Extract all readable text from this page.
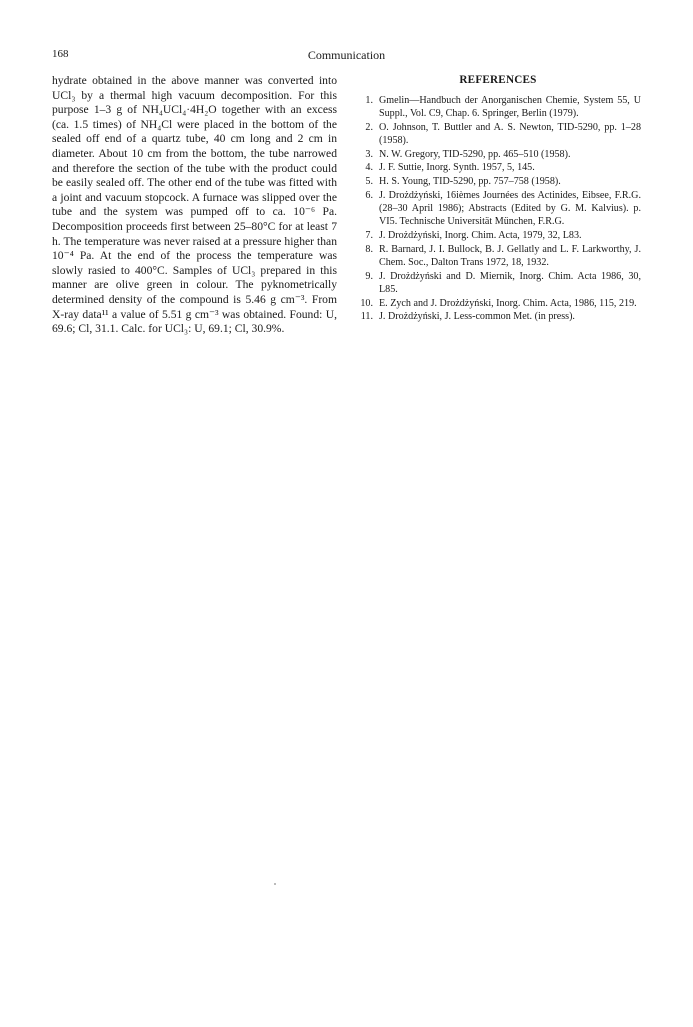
168	Communication

hydrate obtained in the above manner was converted into UCl₃ by a thermal high vacuum decomposition. For this purpose 1–3 g of NH₄UCl₄·4H₂O together with an excess (ca. 1.5 times) of NH₄Cl were placed in the bottom of the sealed off end of a quartz tube, 40 cm long and 2 cm in diameter. About 10 cm from the bottom, the tube narrowed and therefore the section of the tube with the product could be easily sealed off. The other end of the tube was fitted with a joint and vacuum stopcock. A furnace was slipped over the tube and the system was pumped off to ca. 10⁻⁶ Pa. Decomposition proceeds first between 25–80°C for at least 7 h. The temperature was never raised at a pressure higher than 10⁻⁴ Pa. At the end of the process the temperature was slowly rasied to 400°C. Samples of UCl₃ prepared in this manner are olive green in colour. The pyknometrically determined density of the compound is 5.46 g cm⁻³. From X-ray data¹¹ a value of 5.51 g cm⁻³ was obtained. Found: U, 69.6; Cl, 31.1. Calc. for UCl₃: U, 69.1; Cl, 30.9%.

REFERENCES
1. Gmelin—Handbuch der Anorganischen Chemie, System 55, U Suppl., Vol. C9, Chap. 6. Springer, Berlin (1979).
2. O. Johnson, T. Buttler and A. S. Newton, TID-5290, pp. 1–28 (1958).
3. N. W. Gregory, TID-5290, pp. 465–510 (1958).
4. J. F. Suttie, Inorg. Synth. 1957, 5, 145.
5. H. S. Young, TID-5290, pp. 757–758 (1958).
6. J. Drożdżyński, 16ièmes Journées des Actinides, Eibsee, F.R.G. (28–30 April 1986); Abstracts (Edited by G. M. Kalvius). p. VI5. Technische Universität München, F.R.G.
7. J. Drożdżyński, Inorg. Chim. Acta, 1979, 32, L83.
8. R. Barnard, J. I. Bullock, B. J. Gellatly and L. F. Larkworthy, J. Chem. Soc., Dalton Trans 1972, 18, 1932.
9. J. Drożdżyński and D. Miernik, Inorg. Chim. Acta 1986, 30, L85.
10. E. Zych and J. Drożdżyński, Inorg. Chim. Acta, 1986, 115, 219.
11. J. Drożdżyński, J. Less-common Met. (in press).
